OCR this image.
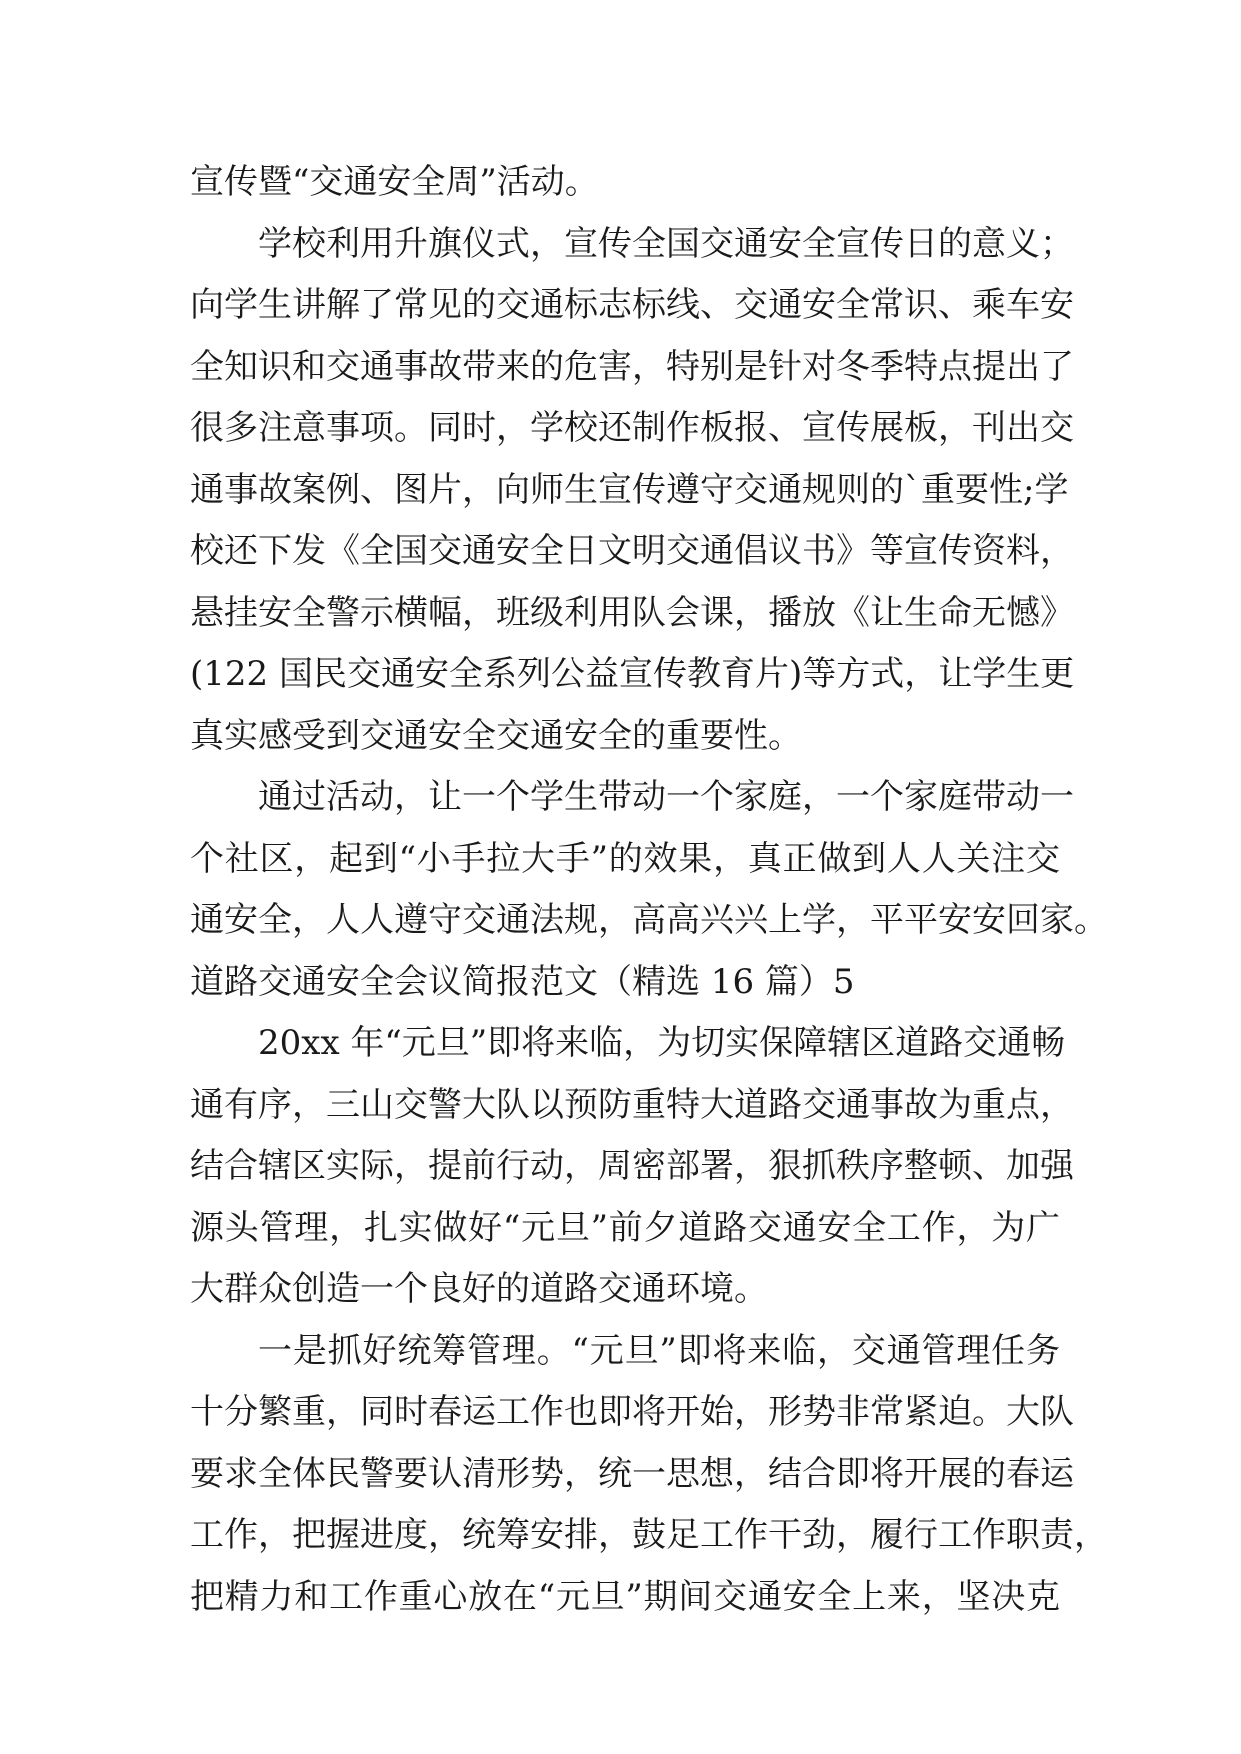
宣传暨“交通安全周”活动。
学校利用升旗仪式，宣传全国交通安全宣传日的意义；
向学生讲解了常见的交通标志标线、交通安全常识、乘车安
全知识和交通事故带来的危害，特别是针对冬季特点提出了
很多注意事项。同时，学校还制作板报、宣传展板，刊出交
通事故案例、图片，向师生宣传遵守交通规则的`重要性;学
校还下发《全国交通安全日文明交通倡议书》等宣传资料，
悬挂安全警示横幅，班级利用队会课，播放《让生命无憾》
(122 国民交通安全系列公益宣传教育片)等方式，让学生更
真实感受到交通安全交通安全的重要性。
通过活动，让一个学生带动一个家庭，一个家庭带动一
个社区，起到“小手拉大手”的效果，真正做到人人关注交
通安全，人人遵守交通法规，高高兴兴上学，平平安安回家。
道路交通安全会议简报范文（精选 16 篇）5
20xx 年“元旦”即将来临，为切实保障辖区道路交通畅
通有序，三山交警大队以预防重特大道路交通事故为重点，
结合辖区实际，提前行动，周密部署，狠抓秩序整顿、加强
源头管理，扎实做好“元旦”前夕道路交通安全工作，为广
大群众创造一个良好的道路交通环境。
一是抓好统筹管理。“元旦”即将来临，交通管理任务
十分繁重，同时春运工作也即将开始，形势非常紧迫。大队
要求全体民警要认清形势，统一思想，结合即将开展的春运
工作，把握进度，统筹安排，鼓足工作干劲，履行工作职责，
把精力和工作重心放在“元旦”期间交通安全上来，坚决克
